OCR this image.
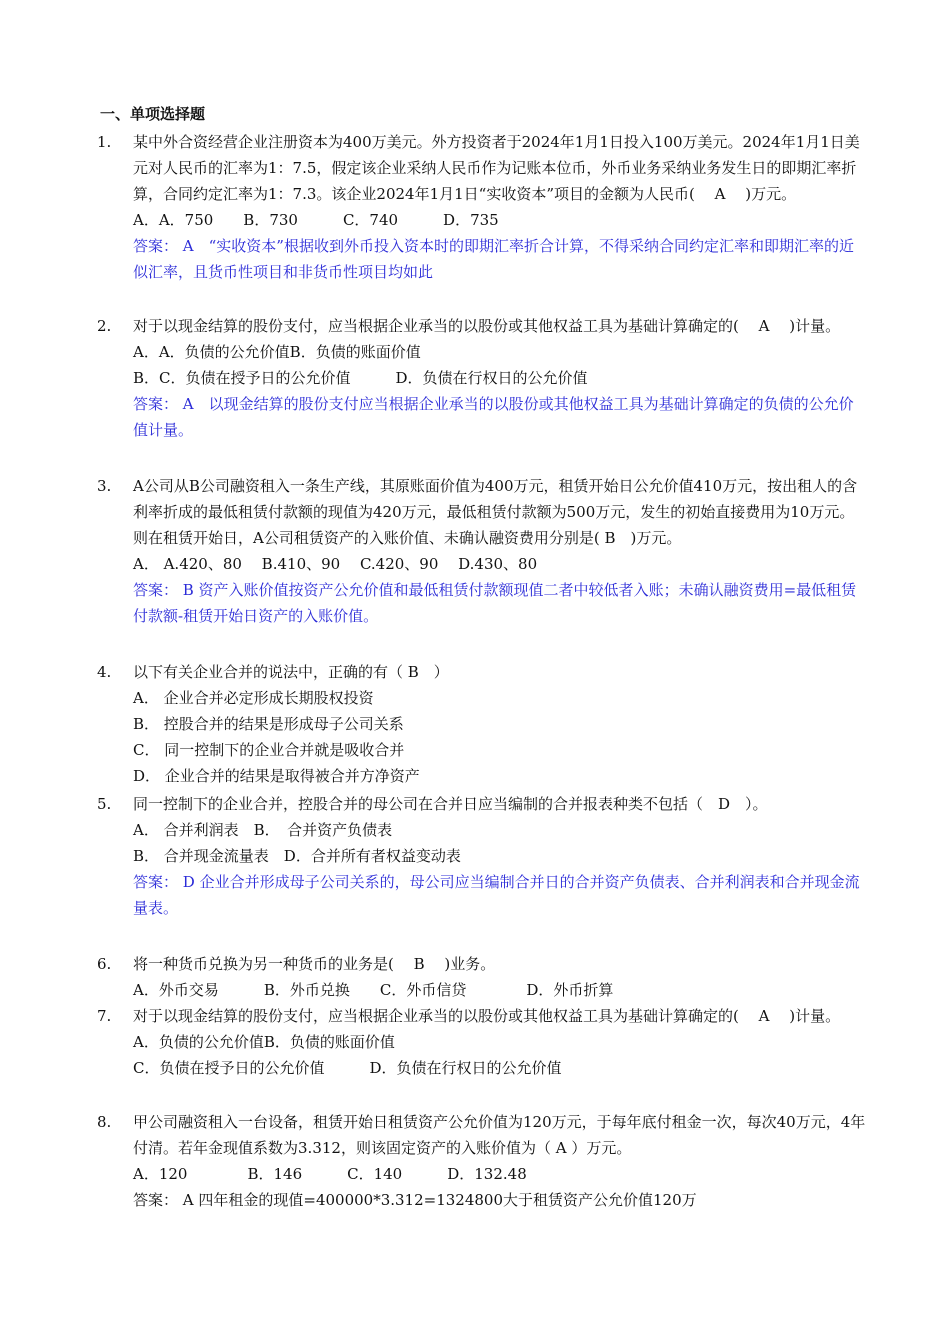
一、单项选择题
1. 某中外合资经营企业注册资本为400万美元。外方投资者于2024年1月1日投入100万美元。2024年1月1日美元对人民币的汇率为1：7.5，假定该企业采纳人民币作为记账本位币，外币业务采纳业务发生日的即期汇率折算，合同约定汇率为1：7.3。该企业2024年1月1日“实收资本”项目的金额为人民币(　 A　 )万元。
A．A．750　　B．730　　　C．740　　　D．735
答案： A　“实收资本”根据收到外币投入资本时的即期汇率折合计算，不得采纳合同约定汇率和即期汇率的近似汇率，且货币性项目和非货币性项目均如此
2. 对于以现金结算的股份支付，应当根据企业承当的以股份或其他权益工具为基础计算确定的(　 A　 )计量。
A．A．负债的公允价值B．负债的账面价值
B．C．负债在授予日的公允价值　　　D．负债在行权日的公允价值
答案： A　以现金结算的股份支付应当根据企业承当的以股份或其他权益工具为基础计算确定的负债的公允价值计量。
3. A公司从B公司融资租入一条生产线，其原账面价值为400万元，租赁开始日公允价值410万元，按出租人的含利率折成的最低租赁付款额的现值为420万元，最低租赁付款额为500万元，发生的初始直接费用为10万元。则在租赁开始日，A公司租赁资产的入账价值、未确认融资费用分别是( B　)万元。
A． A.420、80　 B.410、90　 C.420、90　 D.430、80
答案： B 资产入账价值按资产公允价值和最低租赁付款额现值二者中较低者入账；未确认融资费用=最低租赁付款额-租赁开始日资产的入账价值。
4. 以下有关企业合并的说法中，正确的有（ B　）
A． 企业合并必定形成长期股权投资
B． 控股合并的结果是形成母子公司关系
C． 同一控制下的企业合并就是吸收合并
D． 企业合并的结果是取得被合并方净资产
5. 同一控制下的企业合并，控股合并的母公司在合并日应当编制的合并报表种类不包括（　D　）。
A． 合并利润表　B．　合并资产负债表
B． 合并现金流量表　D．合并所有者权益变动表
答案： D 企业合并形成母子公司关系的，母公司应当编制合并日的合并资产负债表、合并利润表和合并现金流量表。
6. 将一种货币兑换为另一种货币的业务是(　 B　 )业务。
A．外币交易　　　B．外币兑换　　C．外币信贷　　　　D．外币折算
7. 对于以现金结算的股份支付，应当根据企业承当的以股份或其他权益工具为基础计算确定的(　 A　 )计量。
A．负债的公允价值B．负债的账面价值
C．负债在授予日的公允价值　　　D．负债在行权日的公允价值
8. 甲公司融资租入一台设备，租赁开始日租赁资产公允价值为120万元，于每年底付租金一次，每次40万元，4年付清。若年金现值系数为3.312，则该固定资产的入账价值为（ A ）万元。
A．120　　　　B．146　　　C．140　　　D．132.48
答案： A 四年租金的现值=400000*3.312=1324800大于租赁资产公允价值120万
